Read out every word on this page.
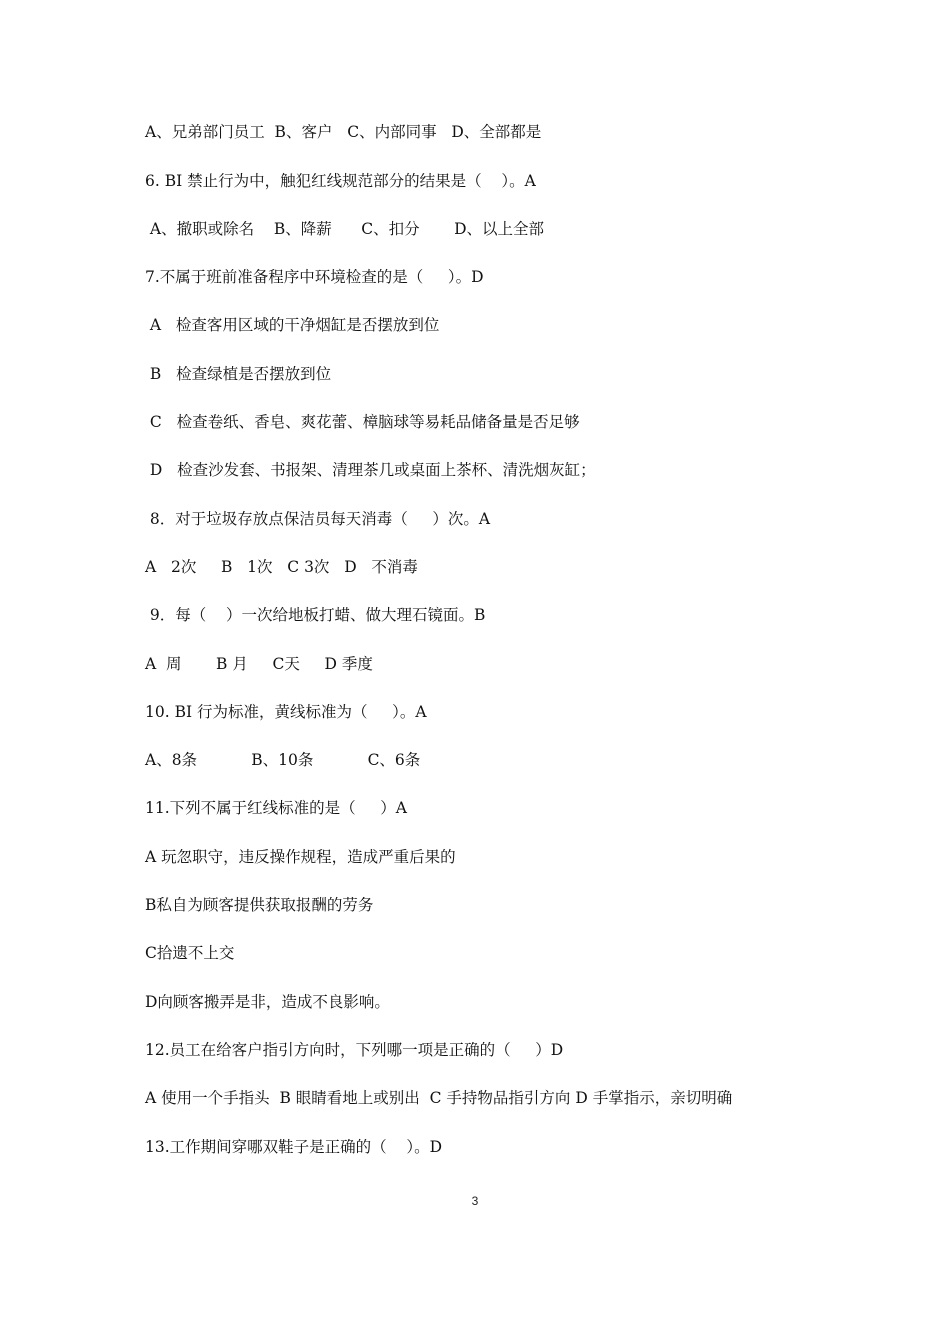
A、兄弟部门员工  B、客户   C、内部同事   D、全部都是
6. BI 禁止行为中，触犯红线规范部分的结果是（    ）。A
A、撤职或除名    B、降薪      C、扣分       D、以上全部
7.不属于班前准备程序中环境检查的是（     ）。D
A   检查客用区域的干净烟缸是否摆放到位
B   检查绿植是否摆放到位
C   检查卷纸、香皂、爽花蕾、樟脑球等易耗品储备量是否足够
D   检查沙发套、书报架、清理茶几或桌面上茶杯、清洗烟灰缸；
8．对于垃圾存放点保洁员每天消毒（     ）次。A
A   2次     B   1次   C 3次   D   不消毒
9．每（    ）一次给地板打蜡、做大理石镜面。B
A  周       B 月     C天     D 季度
10. BI 行为标准，黄线标准为（     ）。A
A、8条           B、10条           C、6条
11.下列不属于红线标准的是（     ）A
A 玩忽职守，违反操作规程，造成严重后果的
B私自为顾客提供获取报酬的劳务
C拾遗不上交
D向顾客搬弄是非，造成不良影响。
12.员工在给客户指引方向时，下列哪一项是正确的（     ）D
A 使用一个手指头  B 眼睛看地上或别出  C 手持物品指引方向 D 手掌指示，亲切明确
13.工作期间穿哪双鞋子是正确的（    ）。D
3
